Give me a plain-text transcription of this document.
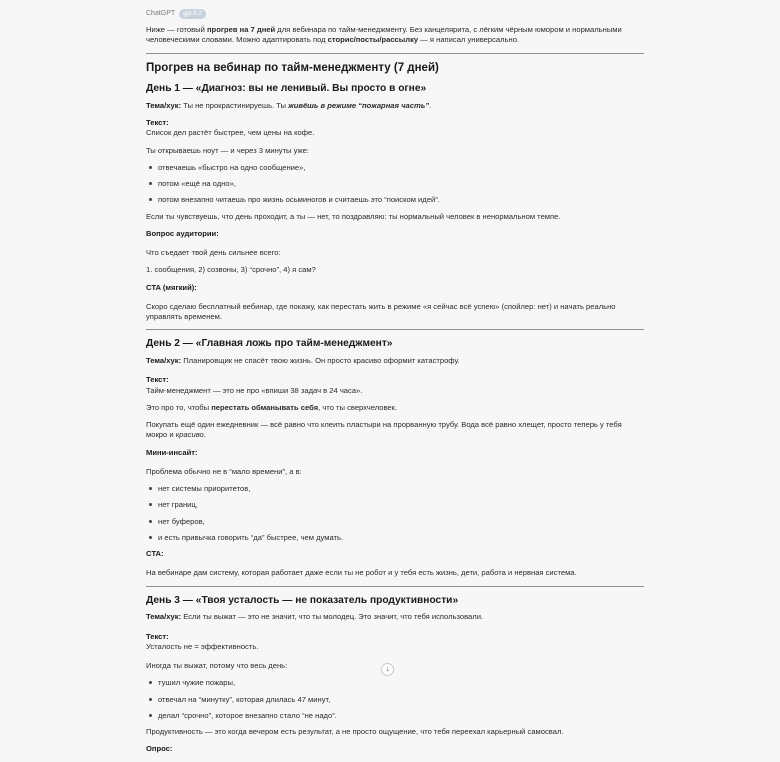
ChatGPT	gpt-5.2

Ниже — готовый прогрев на 7 дней для вебинара по тайм-менеджменту. Без канцелярита, с лёгким чёрным юмором и нормальными человеческими словами. Можно адаптировать под сторис/посты/рассылку — я написал универсально.

Прогрев на вебинар по тайм-менеджменту (7 дней)
День 1 — «Диагноз: вы не ленивый. Вы просто в огне»

Тема/хук: Ты не прокрастинируешь. Ты живёшь в режиме “пожарная часть”.

Текст:

Список дел растёт быстрее, чем цены на кофе.

Ты открываешь ноут — и через 3 минуты уже:

отвечаешь «быстро на одно сообщение»,
потом «ещё на одно»,
потом внезапно читаешь про жизнь осьминогов и считаешь это “поиском идей”.

Если ты чувствуешь, что день проходит, а ты — нет, то поздравляю: ты нормальный человек в ненормальном темпе.

Вопрос аудитории:

Что съедает твой день сильнее всего:

1. сообщения, 2) созвоны, 3) “срочно”, 4) я сам?

CTA (мягкий):

Скоро сделаю бесплатный вебинар, где покажу, как перестать жить в режиме «я сейчас всё успею» (спойлер: нет) и начать реально управлять временем.

День 2 — «Главная ложь про тайм-менеджмент»

Тема/хук: Планировщик не спасёт твою жизнь. Он просто красиво оформит катастрофу.

Текст:

Тайм-менеджмент — это не про «впиши 38 задач в 24 часа».

Это про то, чтобы перестать обманывать себя, что ты сверхчеловек.

Покупать ещё один ежедневник — всё равно что клеить пластыри на прорванную трубу. Вода всё равно хлещет, просто теперь у тебя мокро и красиво.

Мини-инсайт:

Проблема обычно не в “мало времени”, а в:

нет системы приоритетов,
нет границ,
нет буферов,
и есть привычка говорить “да” быстрее, чем думать.

CTA:

На вебинаре дам систему, которая работает даже если ты не робот и у тебя есть жизнь, дети, работа и нервная система.

День 3 — «Твоя усталость — не показатель продуктивности»

Тема/хук: Если ты выжат — это не значит, что ты молодец. Это значит, что тебя использовали.

Текст:

Усталость не = эффективность.

Иногда ты выжат, потому что весь день:

тушил чужие пожары,
отвечал на “минутку”, которая длилась 47 минут,
делал “срочно”, которое внезапно стало “не надо”.

Продуктивность — это когда вечером есть результат, а не просто ощущение, что тебя переехал карьерный самосвал.

Опрос:

↓
